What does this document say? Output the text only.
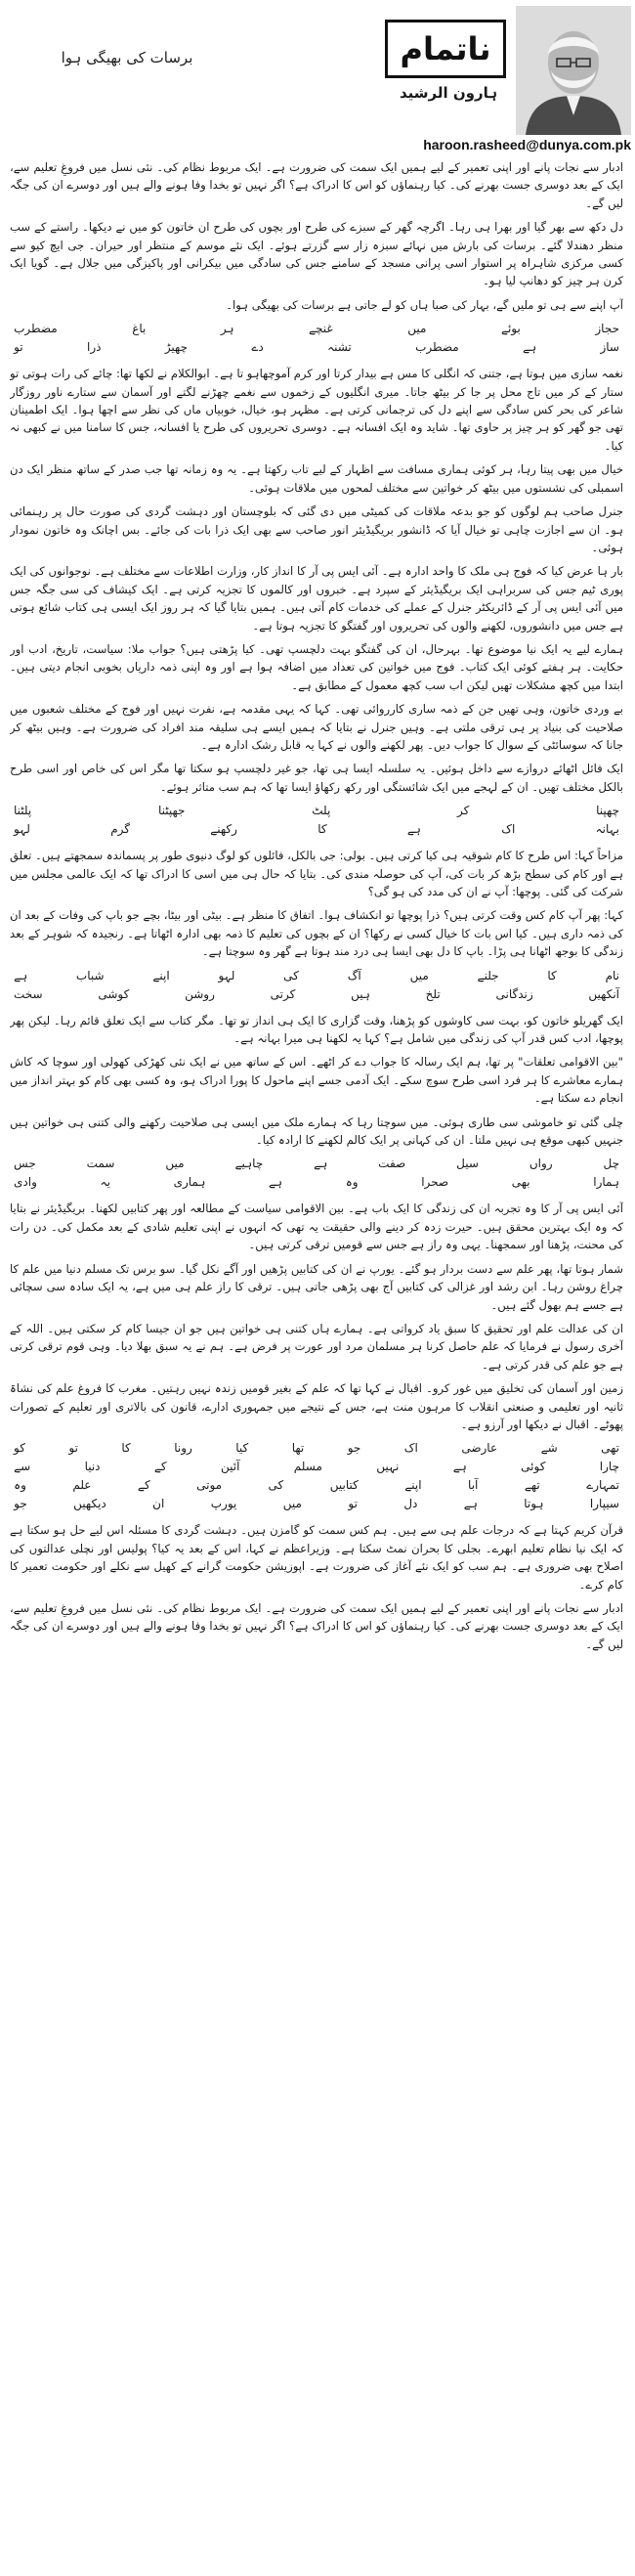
ناتمام
ہارون الرشید
haroon.rasheed@dunya.com.pk
برسات کی بھیگی ہوا

ادبار سے نجات پانے اور اپنی تعمیر کے لیے ہمیں ایک سمت کی ضرورت ہے۔ ایک مربوط نظام کی۔ نئی نسل میں فروغِ تعلیم سے، ایک کے بعد دوسری جست بھرنے کی۔ کیا رہنماؤں کو اس کا ادراک ہے؟ اگر نہیں تو بخدا وفا ہونے والے ہیں اور دوسرے ان کی جگہ لیں گے۔

دل دکھ سے بھر گیا اور بھرا ہی رہا۔ اگرچہ گھر کے سبزے کی طرح اور بچوں کی طرح ان خاتون کو میں نے دیکھا۔ راستے کے سب منظر دھندلا گئے۔ برسات کی بارش میں نہائے سبزہ زار سے گزرتے ہوئے۔ ایک نئے موسم کے منتظر اور حیران۔ جی ایچ کیو سے کسی مرکزی شاہراہ پر استوار اسی پرانی مسجد کے سامنے جس کی سادگی میں بیکرانی اور پاکیزگی میں جلال ہے۔ گویا ایک کرن ہر چیز کو دھانپ لیا ہو۔

آپ اپنے سے ہی تو ملیں گے، بہار کی صبا ہاں کو لے جاتی ہے برسات کی بھیگی ہوا۔

حجاز
بوئے
میں
غنچے
ہر
باغ
مضطرب
ساز
ہے
مضطرب
تشنہ
دے
چھیڑ
ذرا
تو

نغمہ سازی میں ہوتا ہے، جتنی کہ انگلی کا مس ہے بیدار کرتا اور کرم آموچھاہو تا ہے۔ ابوالکلام نے لکھا تھا: چائے کی رات ہوتی تو ستار کے کر میں تاج محل پر جا کر بیٹھ جاتا۔ میری انگلیوں کے زخموں سے نغمے چھڑنے لگتے اور آسمان سے ستارے ناور روزگار شاعر کی بحر کس سادگی سے اپنے دل کی ترجمانی کرتی ہے۔ مظہر ہو، خیال، خوبیاں ماں کی نظر سے اچھا ہوا۔ ایک اطمینان تھی جو گھر کو ہر چیز پر حاوی تھا۔ شاید وہ ایک افسانہ ہے۔ دوسری تحریروں کی طرح یا افسانہ، جس کا سامنا میں نے کبھی نہ کیا۔

خیال میں بھی پیتا رہا، ہر کوئی ہماری مسافت سے اظہار کے لیے تاب رکھتا ہے۔ یہ وہ زمانہ تھا جب صدر کے ساتھ منظر ایک دن اسمبلی کی نشستوں میں بیٹھ کر خواتین سے مختلف لمحوں میں ملاقات ہوئی۔

جنرل صاحب ہم لوگوں کو جو بدعہ ملاقات کی کمیٹی میں دی گئی کہ بلوچستان اور دہشت گردی کی صورت حال پر رہنمائی ہو۔ ان سے اجازت چاہی تو خیال آیا کہ ڈانشور بریگیڈیئر انور صاحب سے بھی ایک ذرا بات کی جائے۔ بس اچانک وہ خاتون نمودار ہوئی۔

بار ہا عرض کیا کہ فوج ہی ملک کا واحد ادارہ ہے۔ آئی ایس پی آر کا انداز کار، وزارت اطلاعات سے مختلف ہے۔ نوجوانوں کی ایک پوری ٹیم جس کی سربراہی ایک بریگیڈیئر کے سپرد ہے۔ خبروں اور کالموں کا تجزیہ کرتی ہے۔ ایک کیشاف کی سی جگہ جس میں آئی ایس پی آر کے ڈائریکٹر جنرل کے عملے کی خدمات کام آتی ہیں۔ ہمیں بتایا گیا کہ ہر روز ایک ایسی ہی کتاب شائع ہوتی ہے جس میں دانشوروں، لکھنے والوں کی تحریروں اور گفتگو کا تجزیہ ہوتا ہے۔

ہمارے لیے یہ ایک نیا موضوع تھا۔ بہرحال، ان کی گفتگو بہت دلچسپ تھی۔ کیا پڑھتی ہیں؟ جواب ملا: سیاست، تاریخ، ادب اور حکایت۔ ہر ہفتے کوئی ایک کتاب۔ فوج میں خواتین کی تعداد میں اضافہ ہوا ہے اور وہ اپنی ذمہ داریاں بخوبی انجام دیتی ہیں۔ ابتدا میں کچھ مشکلات تھیں لیکن اب سب کچھ معمول کے مطابق ہے۔

بے وردی خاتون، وہی تھیں جن کے ذمہ ساری کارروائی تھی۔ کہا کہ یہی مقدمہ ہے، نفرت نہیں اور فوج کے مختلف شعبوں میں صلاحیت کی بنیاد پر ہی ترقی ملتی ہے۔ وہیں جنرل نے بتایا کہ ہمیں ایسے ہی سلیقہ مند افراد کی ضرورت ہے۔ وہیں بیٹھ کر جانا کہ سوسائٹی کے سوال کا جواب دیں۔ پھر لکھنے والوں نے کہا یہ قابل رشک ادارہ ہے۔

ایک فائل اٹھائے دروازے سے داخل ہوئیں۔ یہ سلسلہ ایسا ہی تھا، جو غیر دلچسپ ہو سکتا تھا مگر اس کی خاص اور اسی طرح بالکل مختلف تھیں۔ ان کے لہجے میں ایک شائستگی اور رکھ رکھاؤ ایسا تھا کہ ہم سب متاثر ہوئے۔

چھپنا
کر
پلٹ
جھپٹنا
پلٹنا
بہانہ
اک
ہے
کا
رکھنے
گرم
لہو

مزاحاً کہا: اس طرح کا کام شوقیہ ہی کیا کرتی ہیں۔ بولی: جی بالکل، فائلوں کو لوگ دنیوی طور پر پسماندہ سمجھتے ہیں۔ تعلق ہے اور کام کی سطح بڑھ کر بات کی، آپ کی حوصلہ مندی کی۔ بتایا کہ حال ہی میں اسی کا ادراک تھا کہ ایک عالمی مجلس میں شرکت کی گئی۔ پوچھا: آپ نے ان کی مدد کی ہو گی؟

کہا: پھر آپ کام کس وقت کرتی ہیں؟ ذرا پوچھا تو انکشاف ہوا۔ اتفاق کا منظر ہے۔ بیٹی اور بیٹا، بچے جو باپ کی وفات کے بعد ان کی ذمہ داری ہیں۔ کیا اس بات کا خیال کسی نے رکھا؟ ان کے بچوں کی تعلیم کا ذمہ بھی ادارہ اٹھاتا ہے۔ رنجیدہ کہ شوہر کے بعد زندگی کا بوجھ اٹھانا ہی پڑا۔ باپ کا دل بھی ایسا ہی درد مند ہوتا ہے گھر وہ سوچتا ہے۔

نام
کا
جلنے
میں
آگ
کی
لہو
اپنے
شباب
ہے
آنکھیں
زندگانی
تلخ
ہیں
کرتی
روشن
کوشی
سخت

ایک گھریلو خاتون کو، بہت سی کاوشوں کو پڑھنا، وقت گزاری کا ایک ہی انداز تو تھا۔ مگر کتاب سے ایک تعلق قائم رہا۔ لیکن پھر پوچھا، ادب کس قدر آپ کی زندگی میں شامل ہے؟ کہا یہ لکھنا ہی میرا بہانہ ہے۔

"بین الاقوامی تعلقات" پر تھا، ہم ایک رسالہ کا جواب دے کر اٹھے۔ اس کے ساتھ میں نے ایک نئی کھڑکی کھولی اور سوچا کہ کاش ہمارے معاشرے کا ہر فرد اسی طرح سوچ سکے۔ ایک آدمی جسے اپنے ماحول کا پورا ادراک ہو، وہ کسی بھی کام کو بہتر انداز میں انجام دے سکتا ہے۔

چلی گئی تو خاموشی سی طاری ہوئی۔ میں سوچتا رہا کہ ہمارے ملک میں ایسی ہی صلاحیت رکھنے والی کتنی ہی خواتین ہیں جنہیں کبھی موقع ہی نہیں ملتا۔ ان کی کہانی پر ایک کالم لکھنے کا ارادہ کیا۔

چل
رواں
سیل
صفت
ہے
چاہیے
میں
سمت
جس
ہمارا
بھی
صحرا
وہ
ہے
ہماری
یہ
وادی

آئی ایس پی آر کا وہ تجربہ ان کی زندگی کا ایک باب ہے۔ بین الاقوامی سیاست کے مطالعہ اور پھر کتابیں لکھنا۔ بریگیڈیئر نے بتایا کہ وہ ایک بہترین محقق ہیں۔ حیرت زدہ کر دینے والی حقیقت یہ تھی کہ انہوں نے اپنی تعلیم شادی کے بعد مکمل کی۔ دن رات کی محنت، پڑھنا اور سمجھنا۔ یہی وہ راز ہے جس سے قومیں ترقی کرتی ہیں۔

شمار ہوتا تھا، پھر علم سے دست بردار ہو گئے۔ یورپ نے ان کی کتابیں پڑھیں اور آگے نکل گیا۔ سو برس تک مسلم دنیا میں علم کا چراغ روشن رہا۔ ابن رشد اور غزالی کی کتابیں آج بھی پڑھی جاتی ہیں۔ ترقی کا راز علم ہی میں ہے، یہ ایک سادہ سی سچائی ہے جسے ہم بھول گئے ہیں۔

ان کی عدالت علم اور تحقیق کا سبق یاد کرواتی ہے۔ ہمارے ہاں کتنی ہی خواتین ہیں جو ان جیسا کام کر سکتی ہیں۔ اللہ کے آخری رسول نے فرمایا کہ علم حاصل کرنا ہر مسلمان مرد اور عورت پر فرض ہے۔ ہم نے یہ سبق بھلا دیا۔ وہی قوم ترقی کرتی ہے جو علم کی قدر کرتی ہے۔

زمین اور آسمان کی تخلیق میں غور کرو۔ اقبال نے کہا تھا کہ علم کے بغیر قومیں زندہ نہیں رہتیں۔ مغرب کا فروغ علم کی نشاۃ ثانیہ اور تعلیمی و صنعتی انقلاب کا مرہون منت ہے، جس کے نتیجے میں جمہوری ادارے، قانون کی بالاتری اور تعلیم کے تصورات پھوٹے۔ اقبال نے دیکھا اور آرزو ہے۔

تھی
شے
عارضی
اک
جو
تھا
کیا
رونا
کا
تو
کو
چارا
کوئی
ہے
نہیں
مسلم
آئین
کے
دنیا
سے
تمہارے
تھے
آبا
اپنے
کتابیں
کی
موتی
کے
علم
وہ
سیپارا
ہوتا
ہے
دل
تو
میں
یورپ
ان
دیکھیں
جو

قرآن کریم کہتا ہے کہ درجات علم ہی سے ہیں۔ ہم کس سمت کو گامزن ہیں۔ دہشت گردی کا مسئلہ اس لیے حل ہو سکتا ہے کہ ایک نیا نظام تعلیم ابھرے۔ بجلی کا بحران نمٹ سکتا ہے۔ وزیراعظم نے کہا، اس کے بعد یہ کیا؟ پولیس اور نچلی عدالتوں کی اصلاح بھی ضروری ہے۔ ہم سب کو ایک نئے آغاز کی ضرورت ہے۔ اپوزیشن حکومت گرانے کے کھیل سے نکلے اور حکومت تعمیر کا کام کرے۔

ادبار سے نجات پانے اور اپنی تعمیر کے لیے ہمیں ایک سمت کی ضرورت ہے۔ ایک مربوط نظام کی۔ نئی نسل میں فروغِ تعلیم سے، ایک کے بعد دوسری جست بھرنے کی۔ کیا رہنماؤں کو اس کا ادراک ہے؟ اگر نہیں تو بخدا وفا ہونے والے ہیں اور دوسرے ان کی جگہ لیں گے۔
